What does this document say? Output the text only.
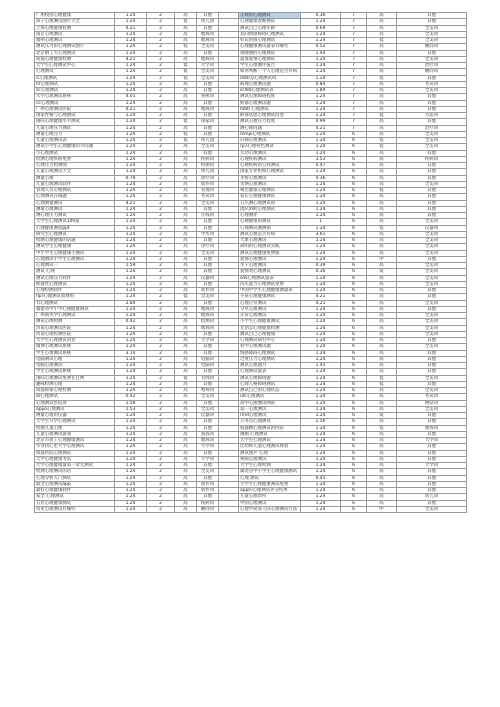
广州校园心理健康	1.24	2	高	其他		正规的心理测试	0.36	7	高	其他
孩子心理测试图片大全	1.24	2	低	幼儿园		心理健康诊断测试	1.24	7	高	其他
上海心理健康检测	4.21	2	高	其他		测试自己心理年龄	0.69	7	高	全美词
南京心理测试	1.24	2	高	地域词		双向情感障碍心理测试	1.24	7	高	全美词
福州心理测试	1.24	2	高	地域词		好玩的图心理测试	1.24	7	低	全美词
测试压力的心理测试图片	1.24	2	低	全美词		心理健康测试量表有哪些	0.52	7	高	额同词
北京婚工大心理测试	1.24	2	高	其他		夜晚测的心理测试	1.44	7	高	其他
成都心理健康检测	4.21	2	高	地域词		超准爱情心理测试	1.24	7	高	全美词
大学生心理测试中心	1.24	2	低	大学词		学生心理测评报告	1.24	7	高	治疗词
心理测试	1.24	2	低	全美词		如何判断一个人心理是否有病	1.24	7	高	额同词
ic心理测试	1.24	2	低	全美词		mbti是心理测试吗	1.24	7	低	其他
hr心理测试	1.24	2	高	其他		病理心理测试题	0.84	7	高	考试词
sc心理测试	1.24	2	高	其他		scl90心理测试表	1.89	7	高	全美词
大学心理测试系统	4.01	2	高	系统词		测试心理障碍程度	1.24	7	高	其他
cc心理测试	1.24	2	高	其他		抑郁心理测试题	1.24	7	高	其他
广州心理测试医院	4.21	2	高	地域词		mbti 心理测试	1.24	7	高	其他
国家性格与心理测试	1.24	2	高	其他		抑郁焦虑心理测试问卷	1.24	7	低	方法词
国际心理健康水平测试	1.24	2	低	国家词		测试心理压力程度	0.99	7	高	其他
儿童心理压力测试	1.24	2	高	其他		测心理问题	4.21	7	高	治疗词
测量心理压力	1.24	2	低	其他		mmpi心理测试	1.24	6	高	全美词
儿童心理测试表	1.24	2	低	幼儿园		扫描心理测试	1.24	6	低	全美词
测试小学生心理健康的小问题	1.24	2	高	全美词		rp7心理特色测试	1.24	6	低	全美词
小心理测试	1.24	2	高	其他		互动心理测试	1.24	6	高	其他
检测心理疾病免费	1.24	2	高	疾病词		心理疾病测试	3.53	6	高	疾病词
心理压力检测图	1.24	2	高	检测词		心理疾病的自我测试	0.47	6	高	其他
儿童心理测试大全	1.24	2	高	幼儿园		国家专业机构心理测试	1.24	6	高	其他
测量心理	0.79	2	高	诊疗词		亲密心理测试	0.36	6	高	其他
儿童心理测试软件	1.24	2	高	软件词		亲测心理测试	1.24	6	高	全美词
管理人员心理测试	1.24	2	高	管理词		相恋健康心理测试	1.24	6	低	其他
心理测试在线题	1.24	2	高	考试词		家长心理健康测试	1.24	6	高	其他
心理测量测试	4.21	2	高	全美词		五爪测心理测试吗	1.24	6	高	其他
测量心理测试	1.24	2	高	其他		团队协助心理测试	1.24	6	高	其他
测心理压力测试	1.24	2	高	在线词		心理测评	1.24	6	高	其他
大学生心理测试100道	1.24	2	高	其他		心理健康的测试	1	6	高	全美词
心理健康测验ppt	1.24	2	高	其他		心理测试测测拟	1.24	6	低	仪器词
研究生心理测试	1.24	2	高	学历词		测试心理是否有病	3.61	6	高	全美词
检测心理健康的话题	1.24	2	高	其他		大象心理测试	1.24	6	高	全美词
测试学生心理健康	1.24	2	高	诊疗词		简明的心理测试实践	1.24	6	高	全美词
中小学生心理健康小测试	1.24	2	高	全美词		测试心理健康免费版	1.24	6	高	全美词
心理测试小学生心理测试	1.24	2	高	其他		爱情心理测试	1.24	6	中	其他
心理测试一	1.59	2	高	其他		亲子心理测试	0.39	6	高	全美词
测试 心理	1.24	2	高	其他		爱情类心理测试	0.36	6	低	全美词
测试心理压力软件	1.24	2	高	仪器词		sds心理测试量表	1.24	6	高	全美词
抑郁性心理测试	1.24	2	高	其他		抗压能力心理测试免费	1.24	6	高	全美词
心理检测软件	1.24	2	高	软件词		中国中学生心理健康测量表	1.24	6	高	其他
hpr心理测试收费吗	1.24	2	低	全美词		小孩心理健康测试	4.21	6	高	其他
有心理测试	2.84	2	高	其他		心理正常测试	4.21	6	高	全美词
福建省中小学心理健康测试	1.24	2	高	地域词		分享心理测试	1.24	6	高	其他
广州商务学心理测试	1.24	2	高	地域词		正常心理测试	1.24	6	高	全美词
测试心理检测	0.42	2	高	检测词		小学生心理健康测试	1.24	6	高	全美词
济南心理测试医院	1.24	2	高	地域词		无创怎心理健康检测	1.24	6	高	全美词
河南心理检测医院	1.24	2	高	其他		测试自己心理健康	1.24	6	高	全美词
大学生心理测试问卷	1.24	2	高	大学词		心理测试研究中心	1.24	6	高	其他
微博心理测试系统	1.24	2	高	其他		科学心理测试题	1.24	6	高	全美词
学生心理测试系统	3.14	2	高	其他		情感障碍心理测试	1.24	6	高	其他
电脑测试心理	1.24	2	高	电脑词		过度压力心理测试	1.24	6	高	其他
电脑心理测试	1.24	2	高	电脑词		测试心理题目	1.45	6	高	其他
学生心理测试系统	1.24	2	高	其他		心理测试量表	1.24	6	高	其他
国际心理测试免费在官网	1.24	2	低	官网词		测试心理障碍题	1.24	6	低	全美词
趣味检测心理	1.24	2	高	其他		心理人格障碍测试	1.24	6	低	其他
成都抑郁心理检测	1.24	2	高	地域词		测试自己的心理状态	1.24	6	高	全美词
阳心理测试	0.42	2	高	全美词		ufc心理测试	1.24	6	高	考试词
心理测试医院资	1.56	2	高	其他		高中心理测试网站	1.24	6	高	网站词
appo心理测试	1.53	2	高	全美词		第一心理测试	1.24	6	高	全美词
测量心理的仪器	1.24	2	高	仪器词		rmd心理测试	1.24	6	低	其他
大学生升学心理测试	1.24	2	高	其他		公务员心理测试	2.56	6	高	其他
检测儿童心理	1.24	2	高	其他		成都精心理测试的医院	1.24	6	低	地域词
儿童心理测试游戏	1.24	2	高	游戏词		画画 心理测试	1.24	6	高	其他
北京市晨工心理健康测试	1.24	2	高	地域词		大学生心理测试	1.24	6	高	大学词
毕业找心里大学心理测试	1.24	2	高	大学词		比幼师儿童心理测试体验	1.24	6	高	其他
成都医院心理测试	1.24	2	高	其他		测试图片 心理	1.24	6	高	其他
大学心理健康考试	1.24	2	高	大学词		视频心理测试	1.24	6	高	其他
大学心理健康量第一章无测试	1.24	2	高	其他		大学生心理检测	1.24	6	高	大学词
检测心理测试的话	1.24	2	高	全美词		湖北省中小学生心理健康测试	1.24	6	高	其他
心理分析入门测试	1.24	2	高	其他		心理 测试	0.45	6	高	其他
最全心理测试app	1.24	2	高	软件词		大学生心理健康测试免费	1.24	6	高	其他
最好心理健康软件	1.24	2	高	软件词		app的心理测试评分结果	1.24	6	高	其他
家全 心理测试	1.24	2	高	其他		儿童心理诊所	1.24	6	高	幼儿词
五位心理健康测试	1.24	2	高	疾病词		中国心理测试	1.24	6	高	其他
常见心理测试有哪些	1.24	2	高	额同词		心理学简易人际心理测试方法	1.24	6	中	全美词
